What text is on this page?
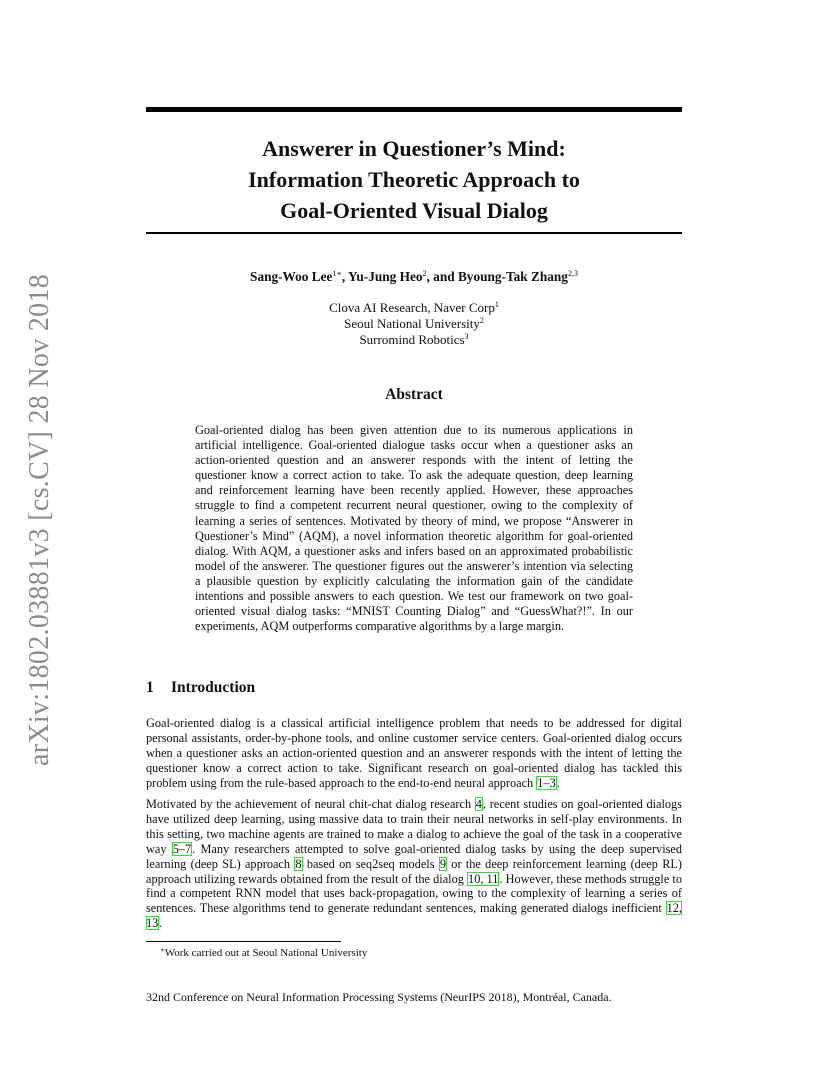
arXiv:1802.03881v3 [cs.CV] 28 Nov 2018
Answerer in Questioner’s Mind:
Information Theoretic Approach to
Goal-Oriented Visual Dialog
Sang-Woo Lee$^{1∗}$, Yu-Jung Heo$^2$, and Byoung-Tak Zhang$^{2,3}$
Clova AI Research, Naver Corp$^1$
Seoul National University$^2$
Surromind Robotics$^3$
Abstract

Goal-oriented dialog has been given attention due to its numerous applications in artificial intelligence. Goal-oriented dialogue tasks occur when a questioner asks an action-oriented question and an answerer responds with the intent of letting the questioner know a correct action to take. To ask the adequate question, deep learning and reinforcement learning have been recently applied. However, these approaches struggle to find a competent recurrent neural questioner, owing to the complexity of learning a series of sentences. Motivated by theory of mind, we propose “Answerer in Questioner’s Mind” (AQM), a novel information theoretic algorithm for goal-oriented dialog. With AQM, a questioner asks and infers based on an approximated probabilistic model of the answerer. The questioner figures out the answerer’s intention via selecting a plausible question by explicitly calculating the information gain of the candidate intentions and possible answers to each question. We test our framework on two goal-oriented visual dialog tasks: “MNIST Counting Dialog” and “GuessWhat?!”. In our experiments, AQM outperforms comparative algorithms by a large margin.

1 Introduction

Goal-oriented dialog is a classical artificial intelligence problem that needs to be addressed for digital personal assistants, order-by-phone tools, and online customer service centers. Goal-oriented dialog occurs when a questioner asks an action-oriented question and an answerer responds with the intent of letting the questioner know a correct action to take. Significant research on goal-oriented dialog has tackled this problem using from the rule-based approach to the end-to-end neural approach 1–3.

Motivated by the achievement of neural chit-chat dialog research 4, recent studies on goal-oriented dialogs have utilized deep learning, using massive data to train their neural networks in self-play environments. In this setting, two machine agents are trained to make a dialog to achieve the goal of the task in a cooperative way 5–7. Many researchers attempted to solve goal-oriented dialog tasks by using the deep supervised learning (deep SL) approach 8 based on seq2seq models 9 or the deep reinforcement learning (deep RL) approach utilizing rewards obtained from the result of the dialog 10, 11. However, these methods struggle to find a competent RNN model that uses back-propagation, owing to the complexity of learning a series of sentences. These algorithms tend to generate redundant sentences, making generated dialogs inefficient 12, 13.

∗Work carried out at Seoul National University
32nd Conference on Neural Information Processing Systems (NeurIPS 2018), Montréal, Canada.
